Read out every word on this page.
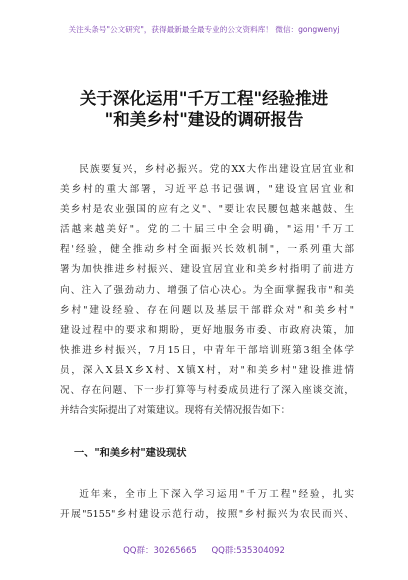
关注头条号"公文研究"，获得最新最全最专业的公文资料库！ 微信：gongwenyj
关于深化运用"千万工程"经验推进
"和美乡村"建设的调研报告
民族要复兴，乡村必振兴。党的XX大作出建设宜居宜业和
美乡村的重大部署，习近平总书记强调，"建设宜居宜业和
美乡村是农业强国的应有之义"、"要让农民腰包越来越鼓、生
活越来越美好"。党的二十届三中全会明确，"运用'千万工
程'经验，健全推动乡村全面振兴长效机制"，一系列重大部
署为加快推进乡村振兴、建设宜居宜业和美乡村指明了前进方
向、注入了强劲动力、增强了信心决心。为全面掌握我市"和美
乡村"建设经验、存在问题以及基层干部群众对"和美乡村"
建设过程中的要求和期盼，更好地服务市委、市政府决策，加
快推进乡村振兴，7月15日，中青年干部培训班第3组全体学
员，深入X县X乡X村、X镇X村，对"和美乡村"建设推进情
况、存在问题、下一步打算等与村委成员进行了深入座谈交流，
并结合实际提出了对策建议。现将有关情况报告如下：
一、"和美乡村"建设现状
近年来，全市上下深入学习运用"千万工程"经验，扎实
开展"5155"乡村建设示范行动，按照"乡村振兴为农民而兴、
QQ群：30265665 QQ群:535304092
